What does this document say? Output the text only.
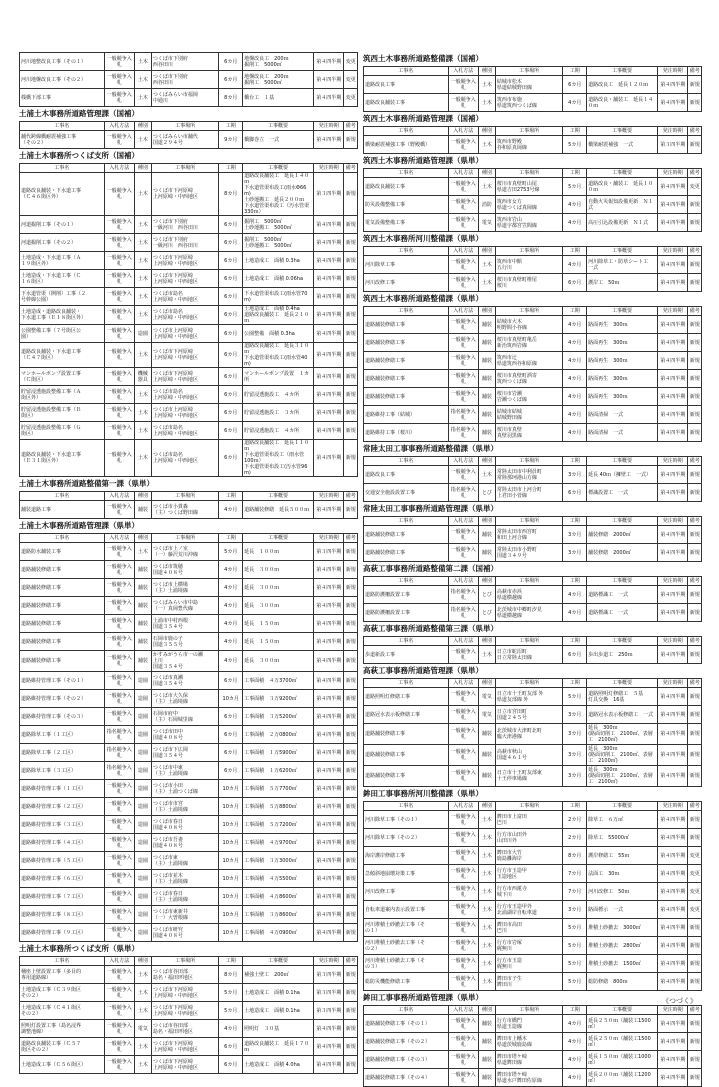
河川地整改良工事（その１）	一般競争入札	土木	つくば市下別府
西谷田川	6カ月	地盤改良工　200ｍ
掘削工　5000㎥	第４四半期	変更
河川地盤改良工事（その２）	一般競争入札	土木	つくば市下別府
西谷田川	6カ月	地盤改良工　200ｍ
掘削工　5000㎥	第４四半期	変更
桟橋下部工事	一般競争入札	土木	つくばみらい市福岡
中通川	8カ月	橋台工　１基	第４四半期	変更
土浦土木事務所道路管理課（国補）
工事名	入札方法	種別	工事場所	工期	工事概要	発注時期	備考
舗代跨線橋耐震補強工事
（その２）	一般競争入札	土木	つくばみらい市舗代
国道２９４号	9カ月	橋脚巻立　一式	第４四半期	新規
土浦土木事務所つくば支所（国補）
工事名	入札方法	種別	工事場所	工期	工事概要	発注時期	備考
道路改良舗装・下水道工事
（Ｃ４６街区外）	一般競争入札	土木	つくば市下河原崎
上河原崎・中西地区	8カ月	道路改良舗装工　延長１４０ｍ
下水道管渠布設工(雨水Φ66m)
土砂運搬工　延長２００ｍ
下水道管渠布設工（汚水管渠
330ｍ）	第３四半期	新規
河道掘削工事（その１）	一般競争入札	土木	つくば市下別府
一級河川　西谷田川	6カ月	掘削工　5000㎥
土砂運搬工　5000㎥	第４四半期	新規
河道掘削工事（その２）	一般競争入札	土木	つくば市下別府
一級河川　西谷田川	6カ月	掘削工　5000㎥
土砂運搬工　5000㎥	第４四半期	新規
土地造成・下水道工事（Ａ
１９街区外）	一般競争入札	土木	つくば市下河原崎
上河原崎・中西地区	6カ月	土地造成工　面積 0.3ha	第４四半期	新規
土地造成・下水道工事（Ｃ
１６街区）	一般競争入札	土木	つくば市下河原崎
上河原崎・中西地区	6カ月	土地造成工　面積 0.06ha	第４四半期	新規
下水道管渠（開削）工事（２
号幹線公園）	一般競争入札	土木	つくば市島名
上河原崎・中西地区	6カ月	下水道管渠布設工(雨水管70m)	第４四半期	新規
土地造成・道路改良舗装・
下水道工事（Ｅ１８街区外）	一般競争入札	土木	つくば市島名
上河原崎・中西地区	6カ月	土地造成工　面積 0.4ha
道路改良舗装工　延長２１０ｍ	第４四半期	新規
公園整備工事（７号街区公
園）	一般競争入札	造園	つくば市上河原崎
上河原崎・中西地区	6カ月	公園整備　面積 0.3ha	第４四半期	新規
道路改良舗装・下水道工事
（Ｃ４７街区）	一般競争入札	土木	つくば市下河原崎
上河原崎・中西地区	6カ月	道路改良舗装工　延長３１０ｍ
下水道管渠布設工(雨水管40m)	第４四半期	新規
マンホールポンプ設置工事
（Ｃ街区）	一般競争入札	機械器具	つくば市下河原崎
上河原崎・中西地区	6カ月	マンホールポンプ設置　１カ所	第４四半期	新規
貯留浸透施設整備工事（Ａ
街区外）	一般競争入札	土木	つくば市島名
上河原崎・中西地区	6カ月	貯留浸透施設工　４カ所	第４四半期	新規
貯留浸透施設整備工事（Ｂ
街区）	一般競争入札	土木	つくば市上河原崎
上河原崎・中西地区	6カ月	貯留浸透施設工　３カ所	第４四半期	新規
貯留浸透施設整備工事（Ｇ
街区）	一般競争入札	土木	つくば市島名
上河原崎・中西地区	6カ月	貯留浸透施設工　４カ所	第４四半期	新規
道路改良舗装・下水道工事
（Ｅ３１街区外）	一般競争入札	土木	つくば市島名
上河原崎・中西地区	6カ月	道路改良舗装工　延長１１０ｍ
下水道管渠布設工（雨水管
100ｍ）
下水道管渠布設工(汚水管96m)	第４四半期	新規
土浦土木事務所道路整備第一課（県単）
工事名	入札方法	種別	工事場所	工期	工事概要	発注時期	備考
舗装道路工事	一般競争入札	舗装	つくば市小貫森
（主）つくば野田線	4カ月	道路舗装修繕　延長５００ｍ	第４四半期	新規
土浦土木事務所道路管理課（県単）
工事名	入札方法	種別	工事場所	工期	工事概要	発注時期	備考
道路防水舗装工事	一般競争入札	土木	つくば市上ノ室
（一）藤沢荒川沖線	5カ月	延長　１００ｍ	第３四半期	新規
道路舗装修繕工事	一般競争入札	舗装	つくば市筑穂
国道４０８号	4カ月	延長　３００ｍ	第４四半期	新規
道路舗装修繕工事	一般競争入札	舗装	つくば市上横場
（主）土浦境線	4カ月	延長　３００ｍ	第４四半期	新規
道路舗装修繕工事	一般競争入札	舗装	つくばみらい市中島
（一）真岡豊代線	4カ月	延長　３００ｍ	第４四半期	新規
道路舗装修繕工事	一般競争入札	舗装	土浦市中村西根
国道３５４号	4カ月	延長　１５０ｍ	第４四半期	新規
道路舗装修繕工事	一般競争入札	舗装	石岡市鹿の子
国道３５５号	4カ月	延長　１５０ｍ	第４四半期	新規
道路舗装修繕工事	一般競争入札	舗装	かすみがうら市一の瀬
上川
国道３５４号	4カ月	延長　３００ｍ	第４四半期	新規
道路維持管理工事（その１）	一般競争入札	造園	つくば市真瀬
国道３５４号	6カ月	工事面積　４万3700㎡	第４四半期	新規
道路維持管理工事（その２）	一般競争入札	造園	つくば市大久保
（主）土浦境線	10カ月	工事面積　３万9200㎡	第４四半期	新規
道路維持管理工事（その３）	一般競争入札	造園	石岡市府中
（主）石岡城里線	6カ月	工事面積　３万5200㎡	第４四半期	新規
道路除草工事（１工区）	指名競争入札	造園	つくば市田中
国道４０８号	6カ月	工事面積　２万0800㎡	第４四半期	新規
道路除草工事（２工区）	指名競争入札	造園	つくば市下広岡
国道３５４号	6カ月	工事面積　１万5900㎡	第４四半期	新規
道路除草工事（３工区）	指名競争入札	造園	つくば市中東
（主）土浦境線	6カ月	工事面積　１万6200㎡	第４四半期	新規
道路維持管理工事（１工区）	一般競争入札	造園	つくば市小田
（主）土浦つくば線	10カ月	工事面積　５万7700㎡	第４四半期	新規
道路維持管理工事（２工区）	一般競争入札	造園	つくば市市宮
（主）土浦境線	10カ月	工事面積　５万8800㎡	第４四半期	新規
道路維持管理工事（３工区）	一般競争入札	造園	つくば市春日
国道４０８号	10カ月	工事面積　５万7200㎡	第４四半期	新規
道路維持管理工事（４工区）	一般競争入札	造園	つくば市吾妻
国道４０８号	10カ月	工事面積　４万9700㎡	第４四半期	新規
道路維持管理工事（５工区）	一般競争入札	造園	つくば市東
（主）土浦境線	10カ月	工事面積　３万3000㎡	第４四半期	新規
道路維持管理工事（６工区）	一般競争入札	造園	つくば市並木
（主）土浦境線	10カ月	工事面積　４万5500㎡	第４四半期	新規
道路維持管理工事（７工区）	一般競争入札	造園	つくば市春日
（主）土浦境線	10カ月	工事面積　４万8600㎡	第４四半期	新規
道路維持管理工事（８工区）	一般競争入札	造園	つくば市東新井
（一）大曽根線	10カ月	工事面積　３万8600㎡	第４四半期	新規
道路維持管理工事（９工区）	一般競争入札	造園	つくば市研究
国道４０８号	10カ月	工事面積　４万0900㎡	第４四半期	新規
土浦土木事務所つくば支所（県単）
工事名	入札方法	種別	工事場所	工期	工事概要	発注時期	備考
桶座上壁設置工事（多目的
専用道路線）	一般競争入札	土木	つくば市谷田部
島名・福田坪地区	8カ月	補強土壁工　200㎡	第３四半期	新規
土地造成工事（Ｃ３９街区
その２）	一般競争入札	土木	つくば市下河原崎
上河原崎・中西地区	5カ月	土地造成工　面積 0.1ha	第３四半期	新規
土地造成工事（Ｃ４１街区
その２）	一般競争入札	土木	つくば市下河原崎
上河原崎・中西地区	5カ月	土地造成工　面積 0.1ha	第３四半期	新規
照明灯設置工事（島名浸界
調整池線）	一般競争入札	電気	つくば市谷田部
島名・福田坪地区	4カ月	照明灯　３０基	第４四半期	新規
道路改良舗装工事（Ｃ５７
街区その２）	一般競争入札	土木	つくば市下河原崎
上河原崎・中西地区	6カ月	道路改良舗装工　延長１７０ｍ	第４四半期	新規
土地造成工事（Ｃ５６街区）	一般競争入札	土木	つくば市下河原崎
上河原崎・中西地区	6カ月	土地造成工　面積 4.0ha	第４四半期	新規
筑西土木事務所道路整備課（国補）
工事名	入札方法	種別	工事場所	工期	工事概要	発注時期	備考
道路改良工事	一般競争入札	土木	結城市松木
県道結城野田線	6カ月	道路改良工　延長１２０ｍ	第４四半期	新規
道路改良舗装工事	一般競争入札	土木	筑西市布施
県道筑西つくば線	4カ月	道路改良・舗装工　延長１４０ｍ	第４四半期	新規
筑西土木事務所道路管理課（国補）
工事名	入札方法	種別	工事場所	工期	工事概要	発注時期	備考
橋梁耐震補強工事（野殿橋）	一般競争入札	土木	筑西市野殿
谷和原真岡線	5カ月	橋梁耐震補強　一式	第３四半期	新規
筑西土木事務所道路管理課（県単）
工事名	入札方法	種別	工事場所	工期	工事概要	発注時期	備考
道路改良舗装工事	一般競争入札	土木	桜川市真壁町山尾
県道吉田2753号線	5カ月	道路改良・舗装工　延長１００ｍ	第４四半期	変更
防災設備整備工事	一般競争入札	消防	筑西市女方
県道つくば真岡線	4カ月	自動火災報知設備更新　Ｎ１式	第４四半期	新規
電気設備整備工事	一般競争入札	電気	筑西市岩山
県道宇都宮笠間線	4カ月	高圧引込設備更新　Ｎ１式	第４四半期	新規
筑西土木事務所河川整備課（県単）
工事名	入札方法	種別	工事場所	工期	工事概要	発注時期	備考
河川除草工事	一般競争入札	土木	筑西市中館
五行川	4カ月	河川除草工・防草シート工
一式	第４四半期	新規
河川改修工事	一般競争入札	土木	桜川市真壁町椎尾
桜川	6カ月	護岸工　50ｍ	第４四半期	新規
筑西土木事務所道路整備課（県単）
工事名	入札方法	種別	工事場所	工期	工事概要	発注時期	備考
道路舗装修繕工事	一般競争入札	舗装	結城市大木
明野間小谷線	4カ月	路面再生　300ｍ	第４四半期	新規
道路舗装修繕工事	一般競争入札	舗装	桜川市真壁町亀岳
新治筑西岩線	4カ月	路面再生　300ｍ	第４四半期	新規
道路舗装修繕工事	一般競争入札	舗装	筑西市辻
県道筑西谷和原線	4カ月	路面再生　300ｍ	第４四半期	新規
道路舗装修繕工事	一般競争入札	舗装	桜川市真壁町酒寄
筑西つくば線	4カ月	路面再生　300ｍ	第４四半期	新規
道路舗装修繕工事	一般競争入札	舗装	桜川市岩瀬
岩瀬つくば線	4カ月	路面再生　300ｍ	第４四半期	新規
道路維持工事（結城）	指名競争入札	舗装	結城市結城
結城野田線	4カ月	路面清掃　一式	第４四半期	新規
道路維持工事（桜川）	指名競争入札	舗装	桜川市真壁
真壁羽黒線	4カ月	路面清掃　一式	第４四半期	新規
常陸太田工事事務所道路整備課（県単）
工事名	入札方法	種別	工事場所	工期	工事概要	発注時期	備考
道路改良工事	一般競争入札	土木	常陸太田市中利員町
常陸那珂港山方線	3カ月	延長 40ｍ（擁壁工　一式）	第４四半期	新規
交通安全施設設置工事	指名競争入札	とび	常陸太田市上河合町
上君田小菅線	6カ月	標識設置工　一式	第４四半期	新規
常陸太田工事事務所道路管理課（県単）
工事名	入札方法	種別	工事場所	工期	工事概要	発注時期	備考
道路舗装修繕工事	一般競争入札	舗装	常陸太田市西宮町
和田上河合線	3カ月	舗装修繕　2000㎡	第４四半期	新規
道路舗装修繕工事	一般競争入札	舗装	常陸太田市小野町
国道３４９号	3カ月	舗装修繕　2000㎡	第４四半期	新規
高萩工事事務所道路整備第二課（国補）
工事名	入札方法	種別	工事場所	工期	工事概要	発注時期	備考
道路防護柵設置工事	指名競争入札	とび	高萩市赤浜
県道横越線	4カ月	道路標識工　一式	第４四半期	新規
道路防護柵設置工事	指名競争入札	とび	北茨城市中郷町汐見
県道横越線	4カ月	道路標識工　一式	第４四半期	新規
高萩工事事務所道路整備第三課（県単）
工事名	入札方法	種別	工事場所	工期	工事概要	発注時期	備考
歩道新設工事	一般競争入札	土木	日立市蛇沼町
日立常陸太田線	6カ月	歩出歩道工　250ｍ	第４四半期	新規
高萩工事事務所道路管理課（県単）
工事名	入札方法	種別	工事場所	工期	工事概要	発注時期	備考
道路照明灯修繕工事	一般競争入札	電気	日立市十王町友部 外
県道友部線 外	5カ月	道路照明灯修繕工　５基
灯具交換　16基	第４四半期	新規
道路冠水表示板修繕工事	一般競争入札	電気	日立市宮田町
国道２４５号	3カ月	道路冠水表示板修繕工　一式	第４四半期	新規
道路舗装修繕工事	一般競争入札	舗装	北茨城市大津町北町
臨大津港線	3カ月	延長　300ｍ
(路面切削工　2100㎡、表層
工　2100㎡)	第４四半期	新規
道路舗装修繕工事	一般競争入札	舗装	高萩市秋山
国道４６１号	3カ月	延長　300ｍ
(路面切削工　2100㎡、表層
工　2100㎡)	第４四半期	新規
道路舗装修繕工事	一般競争入札	舗装	日立市十王町友部東
十王停車場線	3カ月	延長　300ｍ
(路面切削工　2100㎡、表層
工　2100㎡)	第４四半期	新規
鉾田工事事務所河川整備課（県単）
工事名	入札方法	種別	工事場所	工期	工事概要	発注時期	備考
河川除草工事（その１）	一般競争入札	土木	鉾田市上富田
巴川	2カ月	除草工　６万㎡	第４四半期	新規
河川除草工事（その２）	一般競争入札	土木	行方市山田外
山田川外	2カ月	除草工　55000㎡	第４四半期	新規
海岸護岸修繕工事	一般競争入札	土木	鉾田市大竹
鹿島灘海岸	8カ月	護岸修繕工　55ｍ	第４四半期	変更
急傾斜地崩壊対策工事	一般競争入札	土木	行方市玉造甲
玉造地区	7カ月	法面工　30ｍ	第４四半期	変更
河川改修工事	一般競争入札	土木	行方市西蓮寺
城下川	7カ月	河川改修工　50ｍ	第４四半期	変更
自転車道案内表示設置工事	一般競争入札	土木	行方市玉造甲外
北浦湖岸自転車道	3カ月	路面標示　一式	第４四半期	変更
河川堆積土砂撤去工事（そ
の１）	一般競争入札	土木	鉾田市高田
巴川	5カ月	堆積土砂撤去　3000㎥	第４四半期	新規
河川堆積土砂撤去工事（そ
の２）	一般競争入札	土木	行方市岩塚
梶無川	5カ月	堆積土砂撤去　2800㎥	第４四半期	新規
河川堆積土砂撤去工事（そ
の３）	一般競争入札	土木	行方市玉造
梶無川	5カ月	堆積土砂撤去　1500㎥	第４四半期	新規
総防災機能修繕工事	一般競争入札	土木	鉾田市子生
鉾田川	5カ月	総防修繕　800ｍ	第４四半期	新規
鉾田工事事務所道路管理課（県単）
工事名	入札方法	種別	工事場所	工期	工事概要	発注時期	備考
道路舗装修繕工事（その１）	一般競争入札	舗装	行方市橋門
県道玉造線	4カ月	延長２５０ｍ（舗装工1500㎡）	第４四半期	新規
道路舗装修繕工事（その２）	一般競争入札	舗装	鉾田市上幡木
県道茨城鹿島線	4カ月	延長２５０ｍ（舗装工1500㎡）	第４四半期	新規
道路舗装修繕工事（その３）	一般競争入札	舗装	鉾田市塔ケ崎
県道鉾田線	4カ月	延長１５０ｍ（舗装工1000㎡）	第４四半期	新規
道路舗装修繕工事（その４）	一般競争入札	舗装	鉾田市塔ケ崎
県道水戸鉾田佐原線	4カ月	延長２００ｍ（舗装工1200㎡）	第４四半期	新規
《つづく》
